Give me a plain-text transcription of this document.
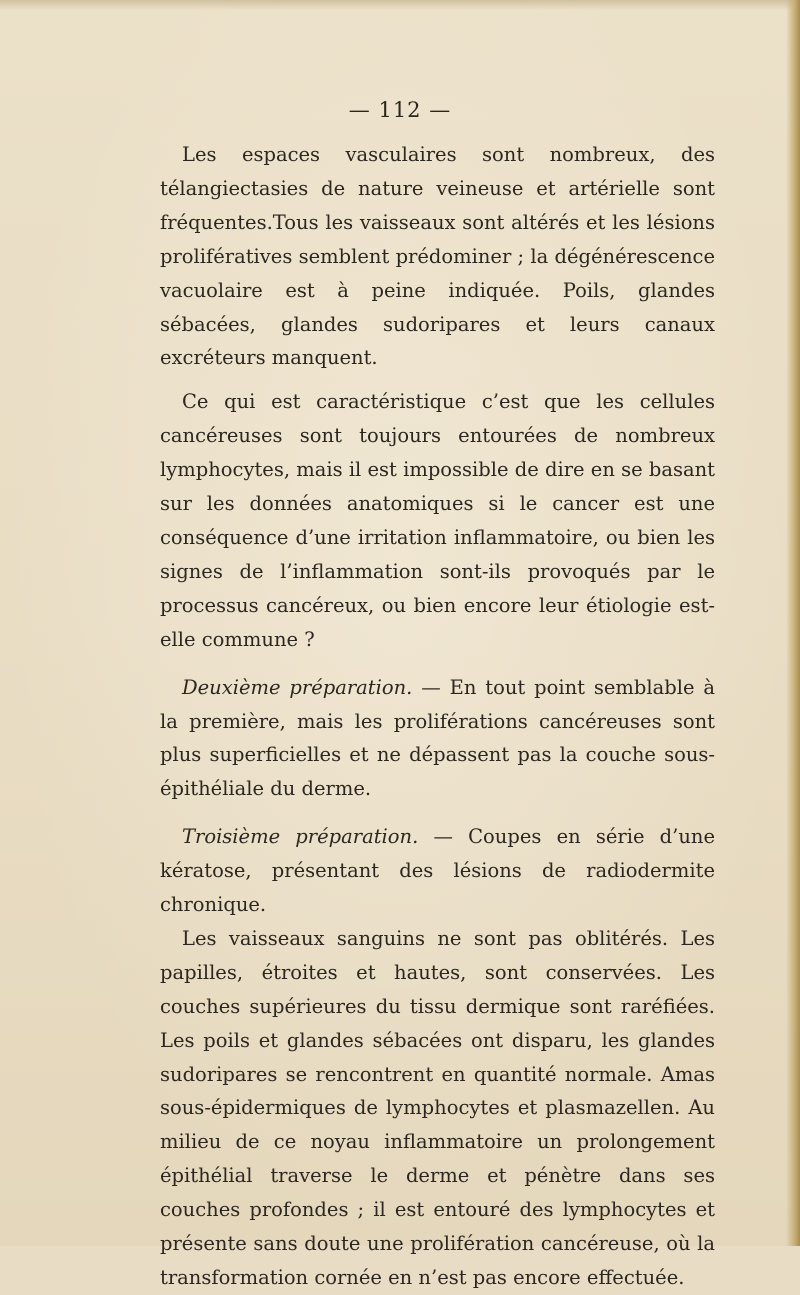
— 112 —

Les espaces vasculaires sont nombreux, des télangiectasies de nature veineuse et artérielle sont fréquentes.Tous les vaisseaux sont altérés et les lésions prolifératives semblent prédominer ; la dégénérescence vacuolaire est à peine indiquée. Poils, glandes sébacées, glandes sudoripares et leurs canaux excréteurs manquent.

Ce qui est caractéristique c’est que les cellules cancéreuses sont toujours entourées de nombreux lymphocytes, mais il est impossible de dire en se basant sur les données anatomiques si le cancer est une conséquence d’une irritation inflammatoire, ou bien les signes de l’inflammation sont-ils provoqués par le processus cancéreux, ou bien encore leur étiologie est-elle commune ?

Deuxième préparation. — En tout point semblable à la première, mais les proliférations cancéreuses sont plus superficielles et ne dépassent pas la couche sous-épithéliale du derme.

Troisième préparation. — Coupes en série d’une kératose, présentant des lésions de radiodermite chronique.

Les vaisseaux sanguins ne sont pas oblitérés. Les papilles, étroites et hautes, sont conservées. Les couches supérieures du tissu dermique sont raréfiées. Les poils et glandes sébacées ont disparu, les glandes sudoripares se rencontrent en quantité normale. Amas sous-épidermiques de lymphocytes et plasmazellen. Au milieu de ce noyau inflammatoire un prolongement épithélial traverse le derme et pénètre dans ses couches profondes ; il est entouré des lymphocytes et présente sans doute une prolifération cancéreuse, où la transformation cornée en n’est pas encore effectuée.
